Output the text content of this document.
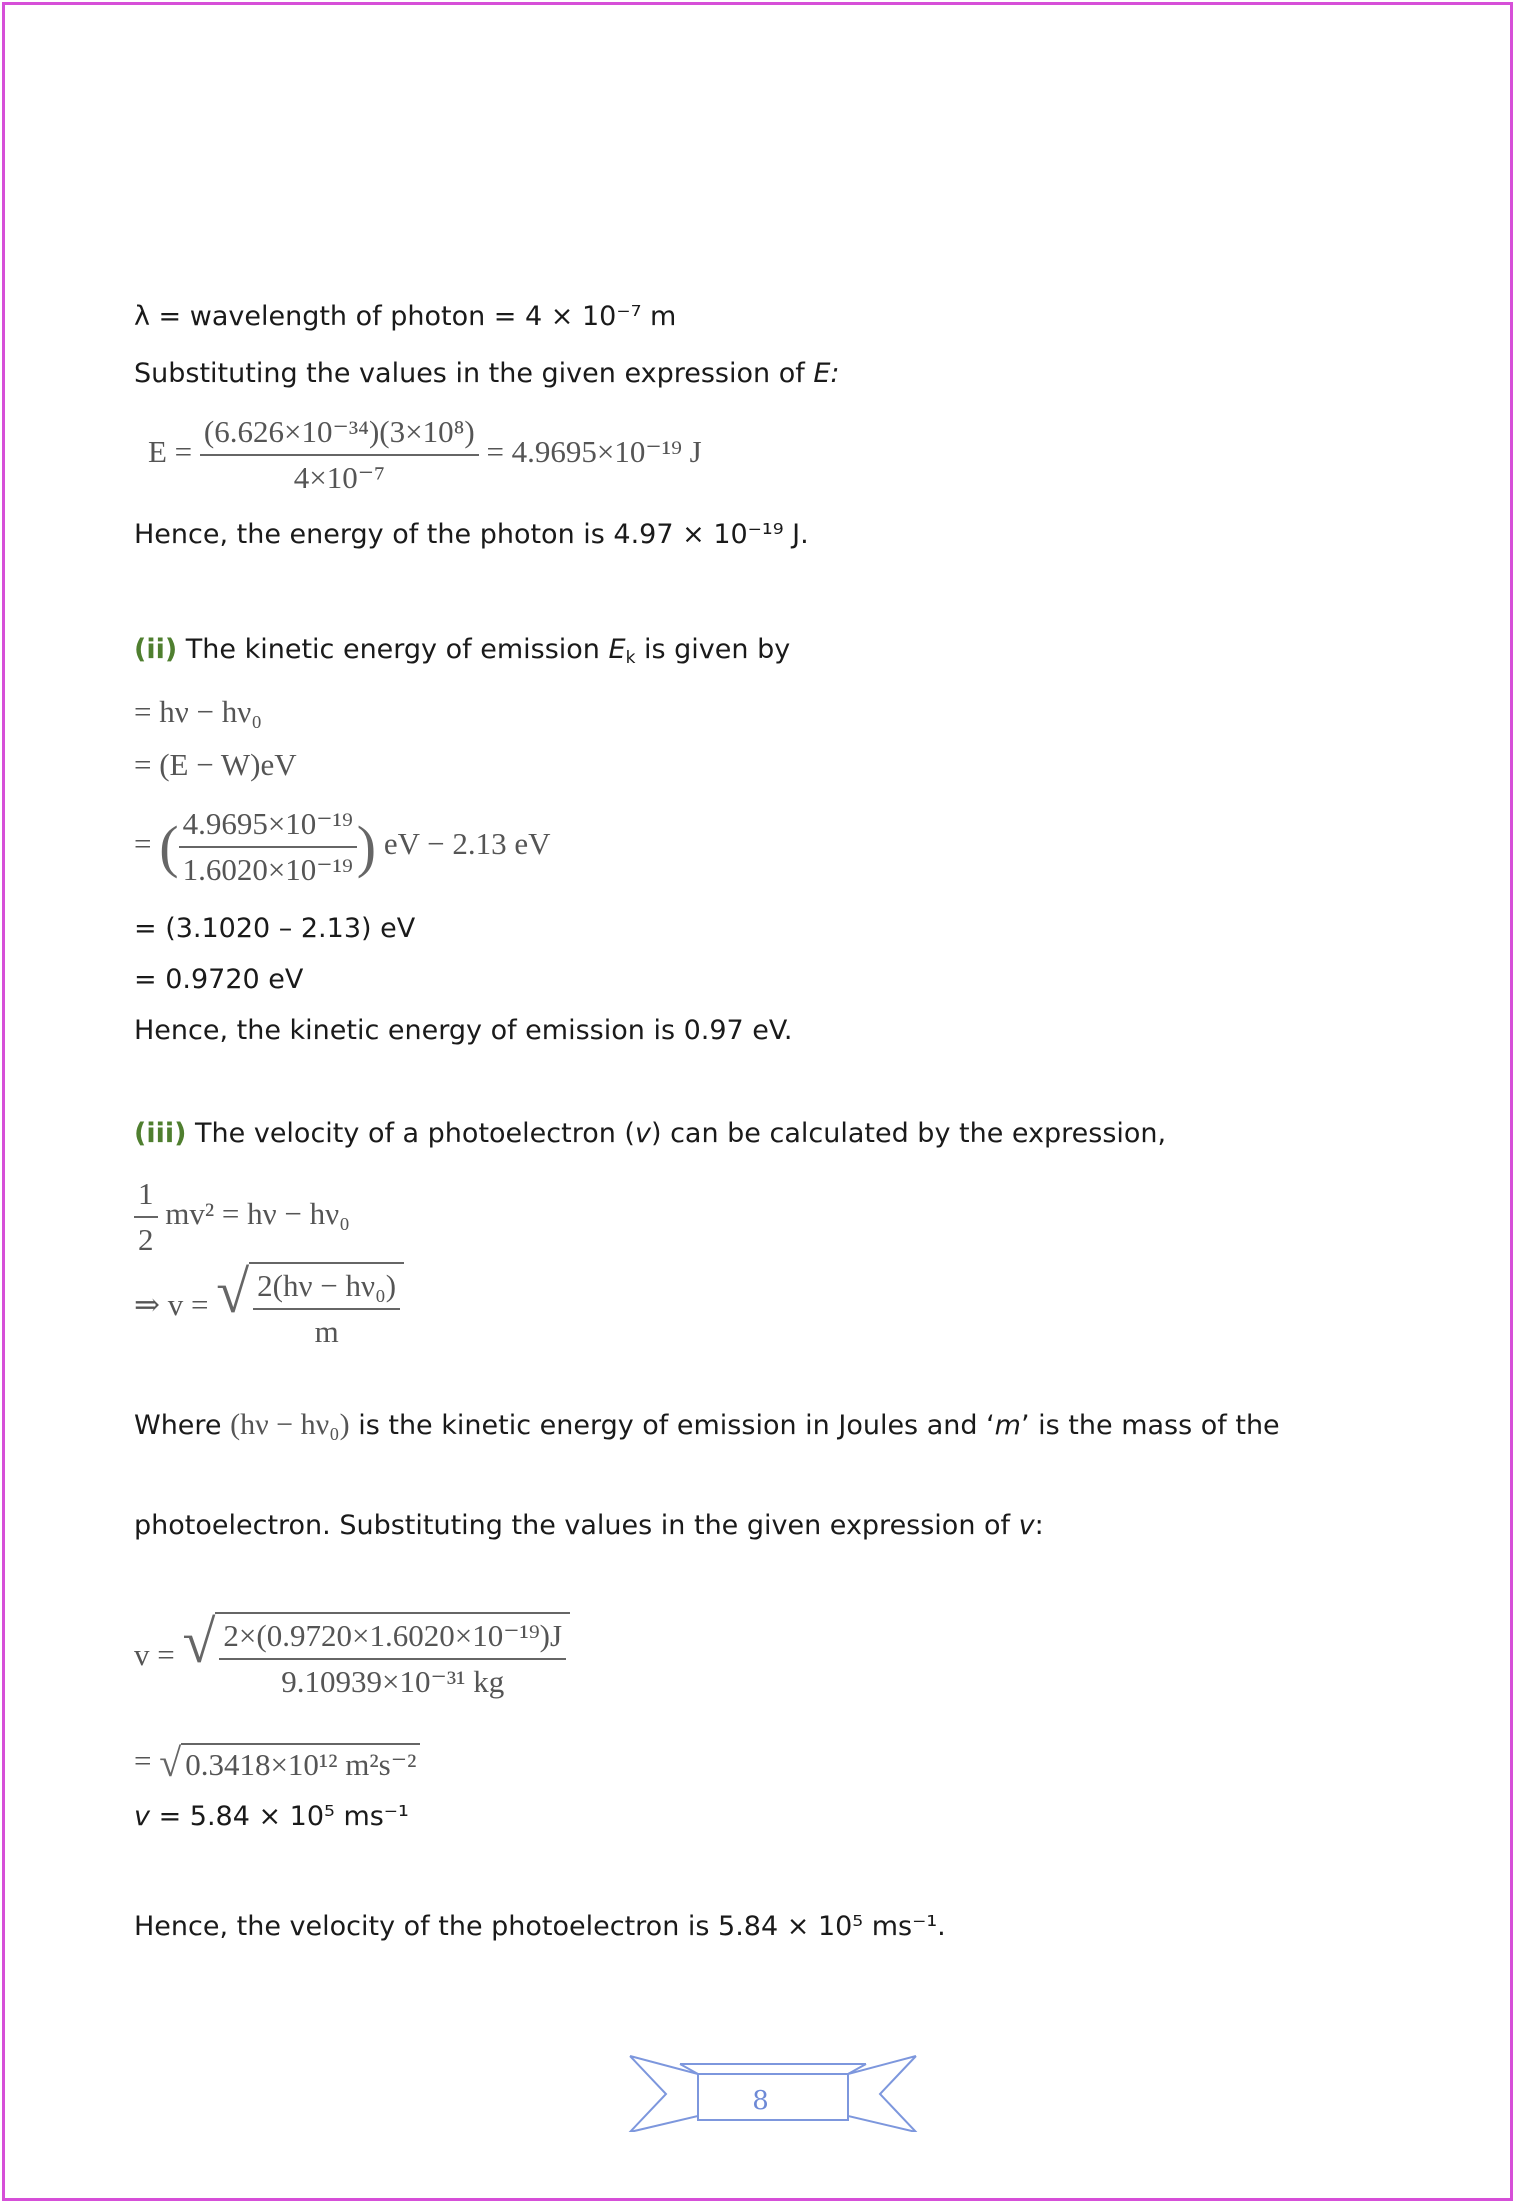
λ = wavelength of photon = 4 × 10⁻⁷ m
Substituting the values in the given expression of E:
$E = \frac{\text{(6.626×10⁻³⁴)(3×10⁸)}}{\text{4×10⁻⁷}} = 4.9695\times 10^{-19}$ J
Hence, the energy of the photon is 4.97 × 10⁻¹⁹ J.
(ii) The kinetic energy of emission $E_k$ is given by
= hν − hν₀
= (E − W)eV
= ( $\frac{\text{4.9695×10⁻¹⁹}}{\text{1.6020×10⁻¹⁹}}$ ) eV − 2.13 eV
= (3.1020 – 2.13) eV
= 0.9720 eV
Hence, the kinetic energy of emission is 0.97 eV.
(iii) The velocity of a photoelectron (v) can be calculated by the expression,
$\frac{1}{2} mv^2 = h\nu - h\nu_0$
⇒ v = √ $\frac{\text{2(hν − hν₀)}}{m}$
Where (hν − hν₀) is the kinetic energy of emission in Joules and ‘m’ is the mass of the
photoelectron. Substituting the values in the given expression of v:
v = √ $\frac{\text{2×(0.9720×1.6020×10⁻¹⁹)J}}{\text{9.10939×10⁻³¹ kg}}$
= √ 0.3418×10¹² m²s⁻²
v = 5.84 × 10⁵ ms⁻¹
Hence, the velocity of the photoelectron is 5.84 × 10⁵ ms⁻¹.
8
